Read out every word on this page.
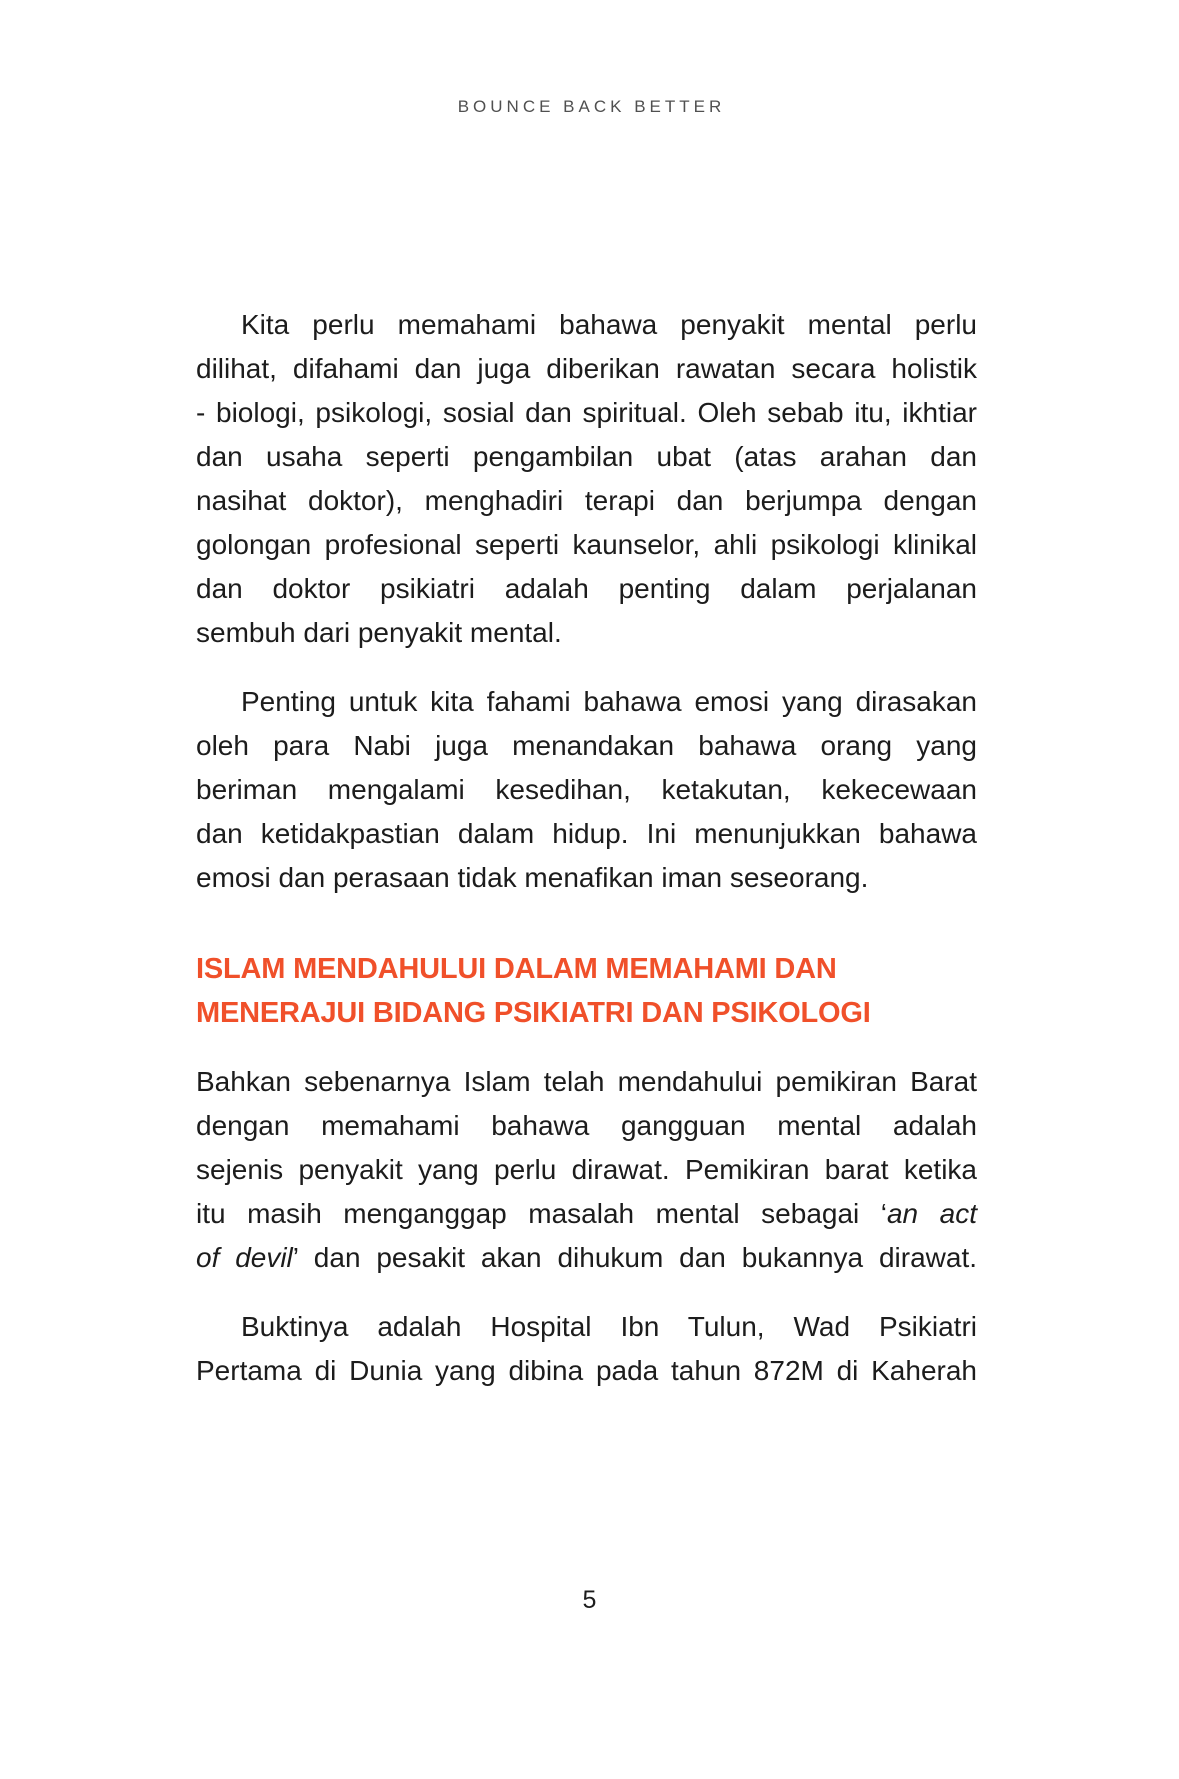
BOUNCE BACK BETTER
Kita perlu memahami bahawa penyakit mental perlu
dilihat, difahami dan juga diberikan rawatan secara holistik
- biologi, psikologi, sosial dan spiritual. Oleh sebab itu, ikhtiar
dan usaha seperti pengambilan ubat (atas arahan dan
nasihat doktor), menghadiri terapi dan berjumpa dengan
golongan profesional seperti kaunselor, ahli psikologi klinikal
dan doktor psikiatri adalah penting dalam perjalanan
sembuh dari penyakit mental.
Penting untuk kita fahami bahawa emosi yang dirasakan
oleh para Nabi juga menandakan bahawa orang yang
beriman mengalami kesedihan, ketakutan, kekecewaan
dan ketidakpastian dalam hidup. Ini menunjukkan bahawa
emosi dan perasaan tidak menafikan iman seseorang.
ISLAM MENDAHULUI DALAM MEMAHAMI DAN
MENERAJUI BIDANG PSIKIATRI DAN PSIKOLOGI
Bahkan sebenarnya Islam telah mendahului pemikiran Barat
dengan memahami bahawa gangguan mental adalah
sejenis penyakit yang perlu dirawat. Pemikiran barat ketika
itu masih menganggap masalah mental sebagai ‘an act
of devil’ dan pesakit akan dihukum dan bukannya dirawat.
Buktinya adalah Hospital Ibn Tulun, Wad Psikiatri
Pertama di Dunia yang dibina pada tahun 872M di Kaherah
5
